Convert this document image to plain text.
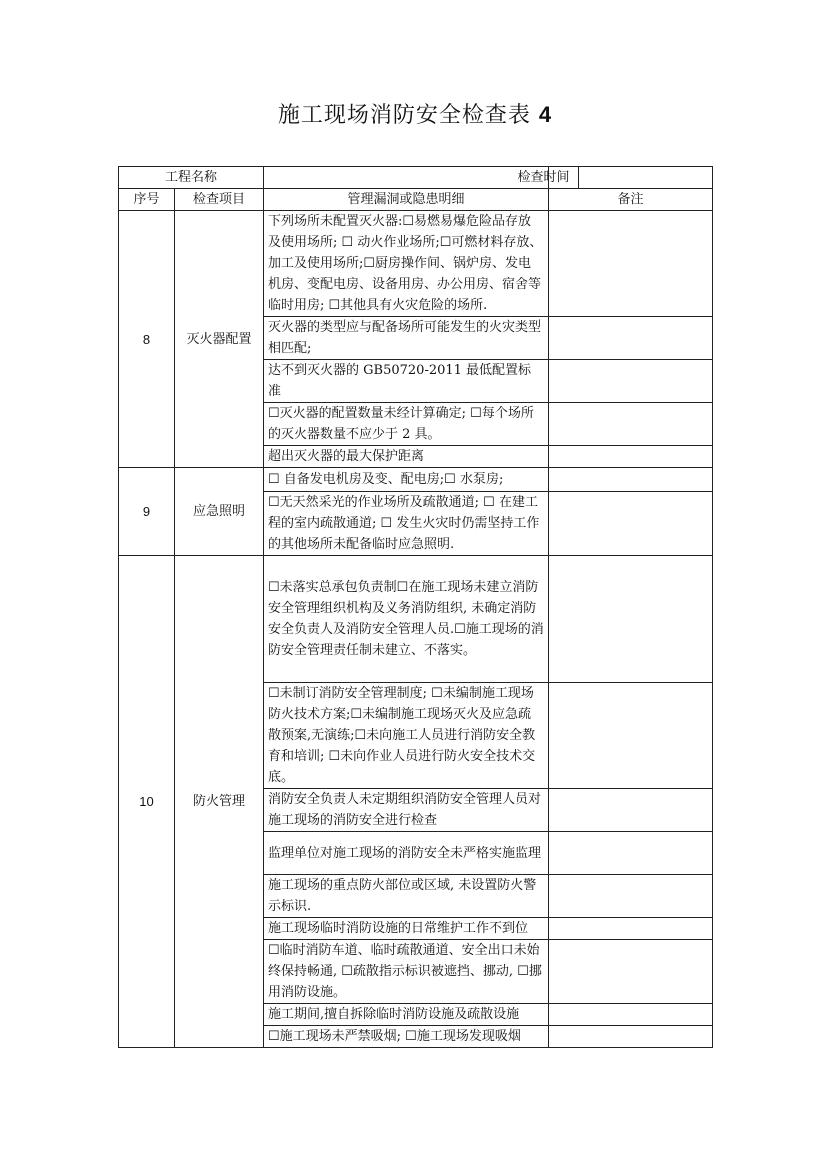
施工现场消防安全检查表 4
工程名称			检查时间	
序号	检查项目	管理漏洞或隐患明细	备注	
8	灭火器配置	下列场所未配置灭火器:☐易燃易爆危险品存放及使用场所; ☐ 动火作业场所;☐可燃材料存放、加工及使用场所;☐厨房操作间、锅炉房、发电机房、变配电房、设备用房、办公用房、宿舍等临时用房; ☐其他具有火灾危险的场所.		
		灭火器的类型应与配备场所可能发生的火灾类型相匹配;		
		达不到灭火器的 GB50720-2011 最低配置标准		
		☐灭火器的配置数量未经计算确定; ☐每个场所的灭火器数量不应少于 2 具。		
		超出灭火器的最大保护距离		
9	应急照明	☐ 自备发电机房及变、配电房;☐ 水泵房;		
		☐无天然采光的作业场所及疏散通道; ☐ 在建工程的室内疏散通道; ☐ 发生火灾时仍需坚持工作的其他场所未配备临时应急照明.		
10	防火管理	☐未落实总承包负责制☐在施工现场未建立消防安全管理组织机构及义务消防组织, 未确定消防安全负责人及消防安全管理人员.☐施工现场的消防安全管理责任制未建立、不落实。		
		☐未制订消防安全管理制度; ☐未编制施工现场防火技术方案;☐未编制施工现场灭火及应急疏散预案,无演练;☐未向施工人员进行消防安全教育和培训; ☐未向作业人员进行防火安全技术交底。		
		消防安全负责人未定期组织消防安全管理人员对施工现场的消防安全进行检查		
		监理单位对施工现场的消防安全未严格实施监理		
		施工现场的重点防火部位或区域, 未设置防火警示标识.		
		施工现场临时消防设施的日常维护工作不到位		
		☐临时消防车道、临时疏散通道、安全出口未始终保持畅通, ☐疏散指示标识被遮挡、挪动, ☐挪用消防设施。		
		施工期间,擅自拆除临时消防设施及疏散设施		
		☐施工现场未严禁吸烟; ☐施工现场发现吸烟		
